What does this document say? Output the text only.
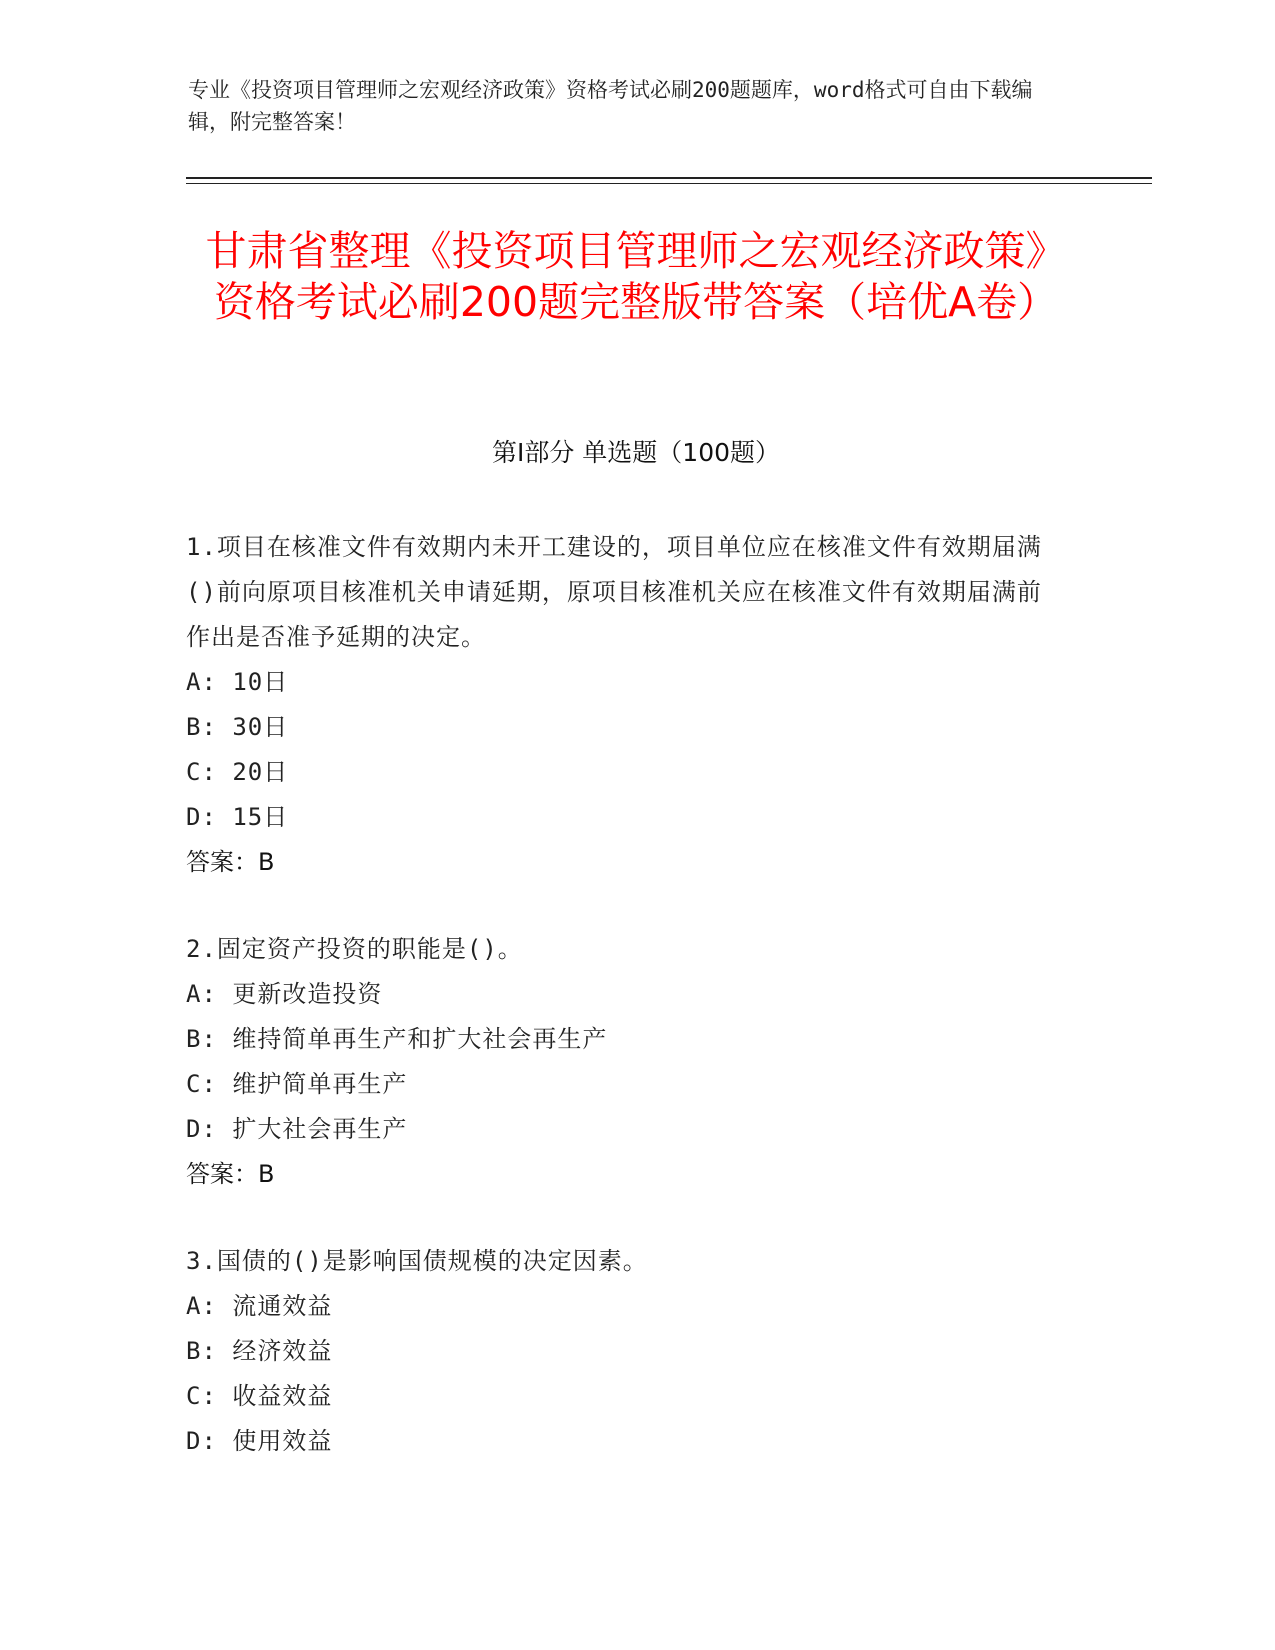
专业《投资项目管理师之宏观经济政策》资格考试必刷200题题库，word格式可自由下载编辑，附完整答案！

甘肃省整理《投资项目管理师之宏观经济政策》资格考试必刷200题完整版带答案（培优A卷）
第Ⅰ部分 单选题（100题）

1.项目在核准文件有效期内未开工建设的，项目单位应在核准文件有效期届满()前向原项目核准机关申请延期，原项目核准机关应在核准文件有效期届满前作出是否准予延期的决定。

A: 10日

B: 30日

C: 20日

D: 15日

答案：B

2.固定资产投资的职能是()。

A: 更新改造投资

B: 维持简单再生产和扩大社会再生产

C: 维护简单再生产

D: 扩大社会再生产

答案：B

3.国债的()是影响国债规模的决定因素。

A: 流通效益

B: 经济效益

C: 收益效益

D: 使用效益
